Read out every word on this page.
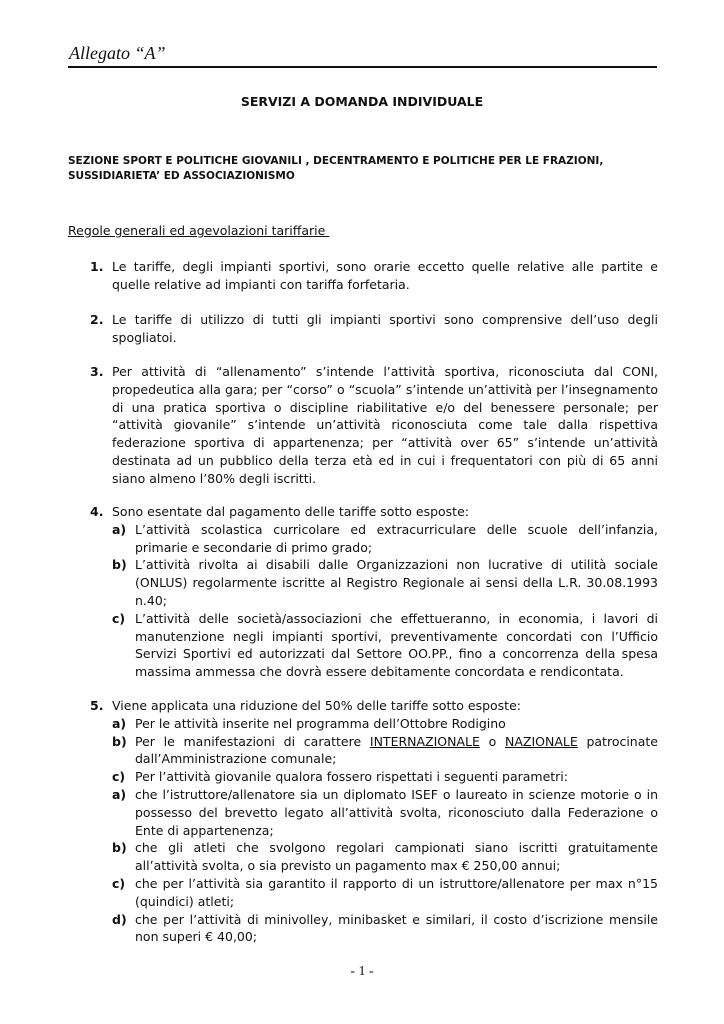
Allegato “A”
SERVIZI A DOMANDA INDIVIDUALE
SEZIONE SPORT E POLITICHE GIOVANILI , DECENTRAMENTO E POLITICHE PER LE FRAZIONI, SUSSIDIARIETA’ ED ASSOCIAZIONISMO
Regole generali ed agevolazioni tariffarie
1. Le tariffe, degli impianti sportivi, sono orarie eccetto quelle relative alle partite e quelle relative ad impianti con tariffa forfetaria.
2. Le tariffe di utilizzo di tutti gli impianti sportivi sono comprensive dell’uso degli spogliatoi.
3. Per attività di “allenamento” s’intende l’attività sportiva, riconosciuta dal CONI, propedeutica alla gara; per “corso” o “scuola” s’intende un’attività per l’insegnamento di una pratica sportiva o discipline riabilitative e/o del benessere personale; per “attività giovanile” s’intende un’attività riconosciuta come tale dalla rispettiva federazione sportiva di appartenenza; per “attività over 65” s’intende un’attività destinata ad un pubblico della terza età ed in cui i frequentatori con più di 65 anni siano almeno l’80% degli iscritti.
4. Sono esentate dal pagamento delle tariffe sotto esposte:
a) L’attività scolastica curricolare ed extracurriculare delle scuole dell’infanzia, primarie e secondarie di primo grado;
b) L’attività rivolta ai disabili dalle Organizzazioni non lucrative di utilità sociale (ONLUS) regolarmente iscritte al Registro Regionale ai sensi della L.R. 30.08.1993 n.40;
c) L’attività delle società/associazioni che effettueranno, in economia, i lavori di manutenzione negli impianti sportivi, preventivamente concordati con l’Ufficio Servizi Sportivi ed autorizzati dal Settore OO.PP., fino a concorrenza della spesa massima ammessa che dovrà essere debitamente concordata e rendicontata.
5. Viene applicata una riduzione del 50% delle tariffe sotto esposte:
a) Per le attività inserite nel programma dell’Ottobre Rodigino
b) Per le manifestazioni di carattere INTERNAZIONALE o NAZIONALE patrocinate dall’Amministrazione comunale;
c) Per l’attività giovanile qualora fossero rispettati i seguenti parametri:
a) che l’istruttore/allenatore sia un diplomato ISEF o laureato in scienze motorie o in possesso del brevetto legato all’attività svolta, riconosciuto dalla Federazione o Ente di appartenenza;
b) che gli atleti che svolgono regolari campionati siano iscritti gratuitamente all’attività svolta, o sia previsto un pagamento max € 250,00 annui;
c) che per l’attività sia garantito il rapporto di un istruttore/allenatore per max n°15 (quindici) atleti;
d) che per l’attività di minivolley, minibasket e similari, il costo d’iscrizione mensile non superi € 40,00;
- 1 -
